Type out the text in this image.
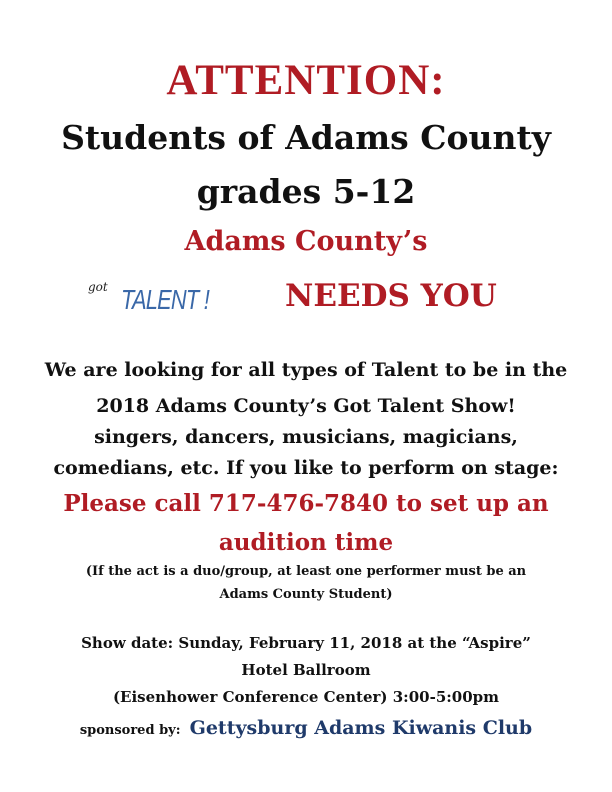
ATTENTION:
Students of Adams County
grades 5-12
Adams County’s
got TALENT ! NEEDS YOU
We are looking for all types of Talent to be in the
2018 Adams County’s Got Talent Show!
singers, dancers, musicians, magicians,
comedians, etc. If you like to perform on stage:
Please call 717-476-7840 to set up an
audition time
(If the act is a duo/group, at least one performer must be an
Adams County Student)
Show date: Sunday, February 11, 2018 at the “Aspire”
Hotel Ballroom
(Eisenhower Conference Center) 3:00-5:00pm
sponsored by: Gettysburg Adams Kiwanis Club
